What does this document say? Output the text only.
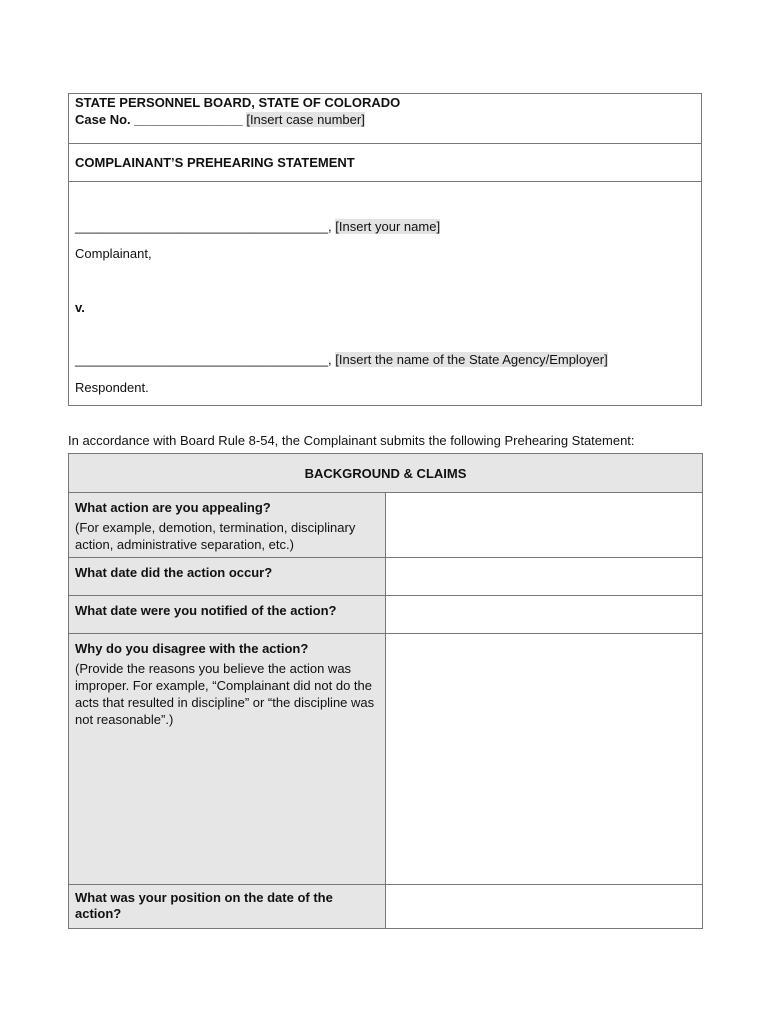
STATE PERSONNEL BOARD, STATE OF COLORADO
Case No. _______________ [Insert case number]
COMPLAINANT’S PREHEARING STATEMENT
___________________________________, [Insert your name]
Complainant,
v.
___________________________________, [Insert the name of the State Agency/Employer]
Respondent.
In accordance with Board Rule 8-54, the Complainant submits the following Prehearing Statement:
BACKGROUND & CLAIMS	

What action are you appealing?
(For example, demotion, termination, disciplinary action, administrative separation, etc.)	

What date did the action occur?	

What date were you notified of the action?	

Why do you disagree with the action?
(Provide the reasons you believe the action was improper. For example, “Complainant did not do the acts that resulted in discipline” or “the discipline was not reasonable”.)	

What was your position on the date of the action?	
